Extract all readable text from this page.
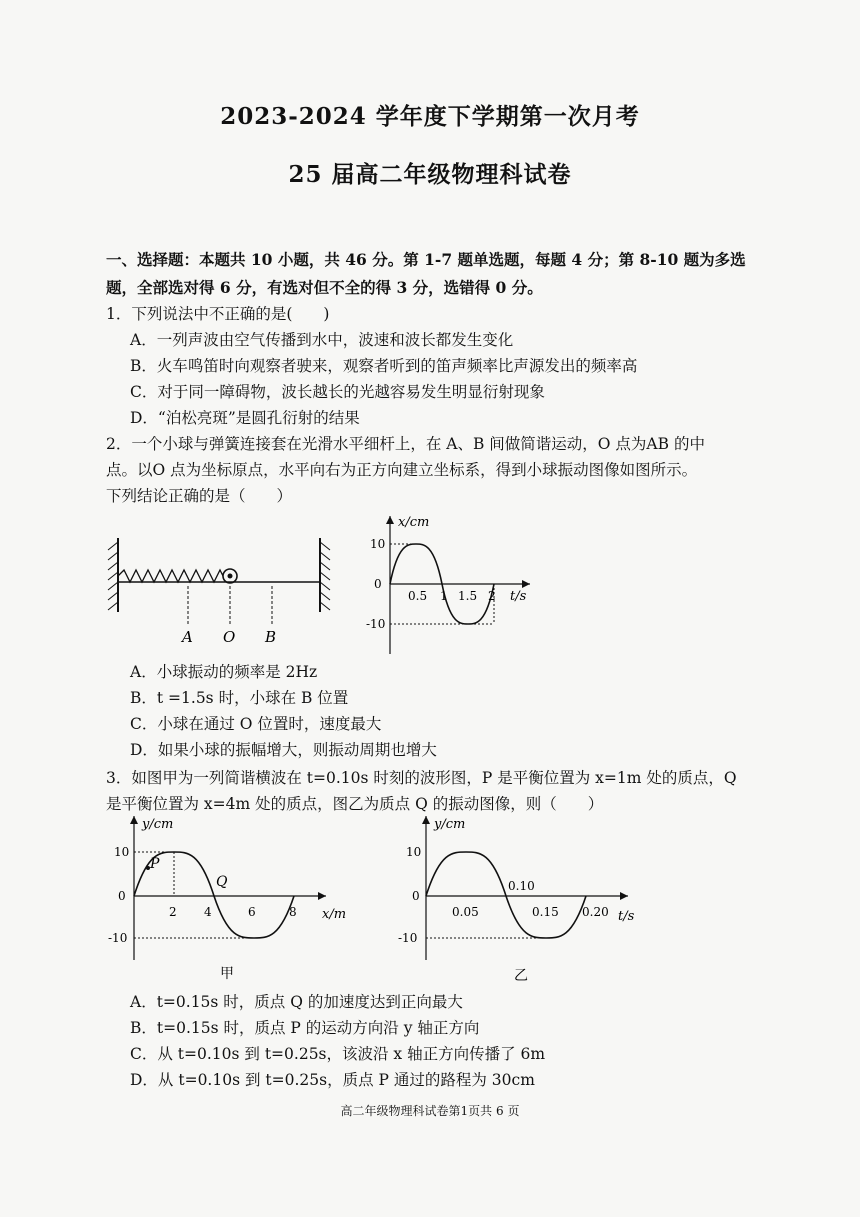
2023-2024 学年度下学期第一次月考
25 届高二年级物理科试卷
一、选择题：本题共 10 小题，共 46 分。第 1-7 题单选题，每题 4 分；第 8-10 题为多选
题，全部选对得 6 分，有选对但不全的得 3 分，选错得 0 分。
1．下列说法中不正确的是(　　)
A．一列声波由空气传播到水中，波速和波长都发生变化
B．火车鸣笛时向观察者驶来，观察者听到的笛声频率比声源发出的频率高
C．对于同一障碍物，波长越长的光越容易发生明显衍射现象
D．“泊松亮斑”是圆孔衍射的结果
2．一个小球与弹簧连接套在光滑水平细杆上，在 A、B 间做简谐运动，O 点为AB 的中
点。以O 点为坐标原点，水平向右为正方向建立坐标系，得到小球振动图像如图所示。
下列结论正确的是（　　）
A O B
x/cm
t/s
10
0
-10
0.5 1 1.5 2
A．小球振动的频率是 2Hz
B．t =1.5s 时，小球在 B 位置
C．小球在通过 O 位置时，速度最大
D．如果小球的振幅增大，则振动周期也增大
3．如图甲为一列简谐横波在 t=0.10s 时刻的波形图，P 是平衡位置为 x=1m 处的质点，Q
是平衡位置为 x=4m 处的质点，图乙为质点 Q 的振动图像，则（　　）
y/cm
x/m
10
0
-10
P
Q
2 4	6	8
甲
y/cm
t/s
10
0
-10
0.05
0.10
0.15 0.20
乙
A．t=0.15s 时，质点 Q 的加速度达到正向最大
B．t=0.15s 时，质点 P 的运动方向沿 y 轴正方向
C．从 t=0.10s 到 t=0.25s，该波沿 x 轴正方向传播了 6m
D．从 t=0.10s 到 t=0.25s，质点 P 通过的路程为 30cm
高二年级物理科试卷第1页共 6 页
